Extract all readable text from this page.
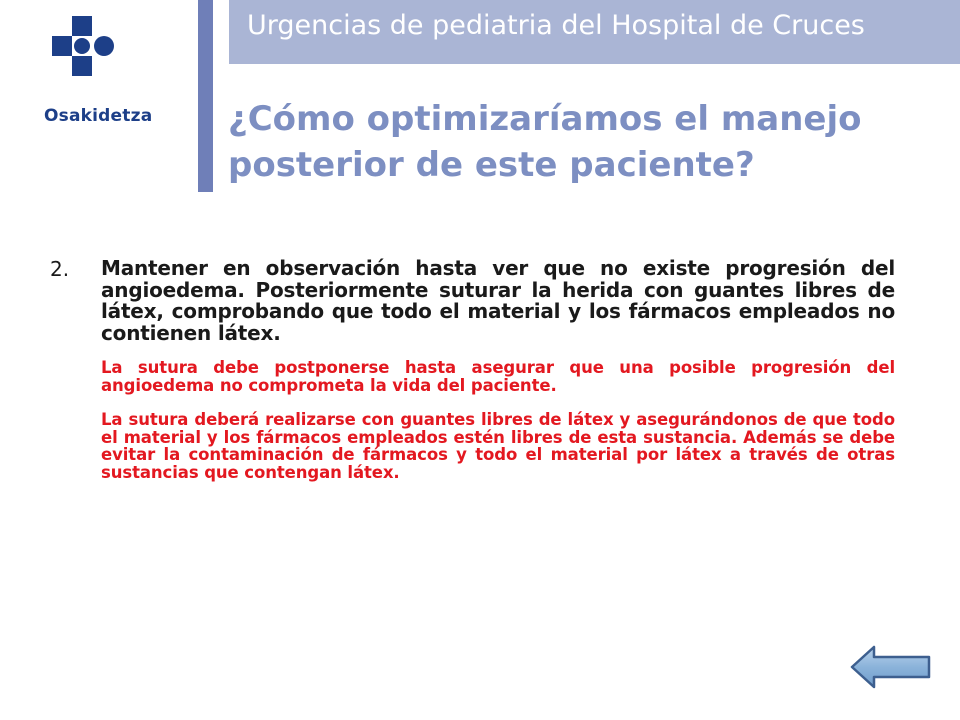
Osakidetza
Urgencias de pediatria del Hospital de Cruces
¿Cómo optimizaríamos el manejo posterior de este paciente?
2. Mantener en observación hasta ver que no existe progresión del angioedema. Posteriormente suturar la herida con guantes libres de látex, comprobando que todo el material y los fármacos empleados no contienen látex.
La sutura debe postponerse hasta asegurar que una posible progresión del angioedema no comprometa la vida del paciente.
La sutura deberá realizarse con guantes libres de látex y asegurándonos de que todo el material y los fármacos empleados estén libres de esta sustancia. Además se debe evitar la contaminación de fármacos y todo el material por látex a través de otras sustancias que contengan látex.
